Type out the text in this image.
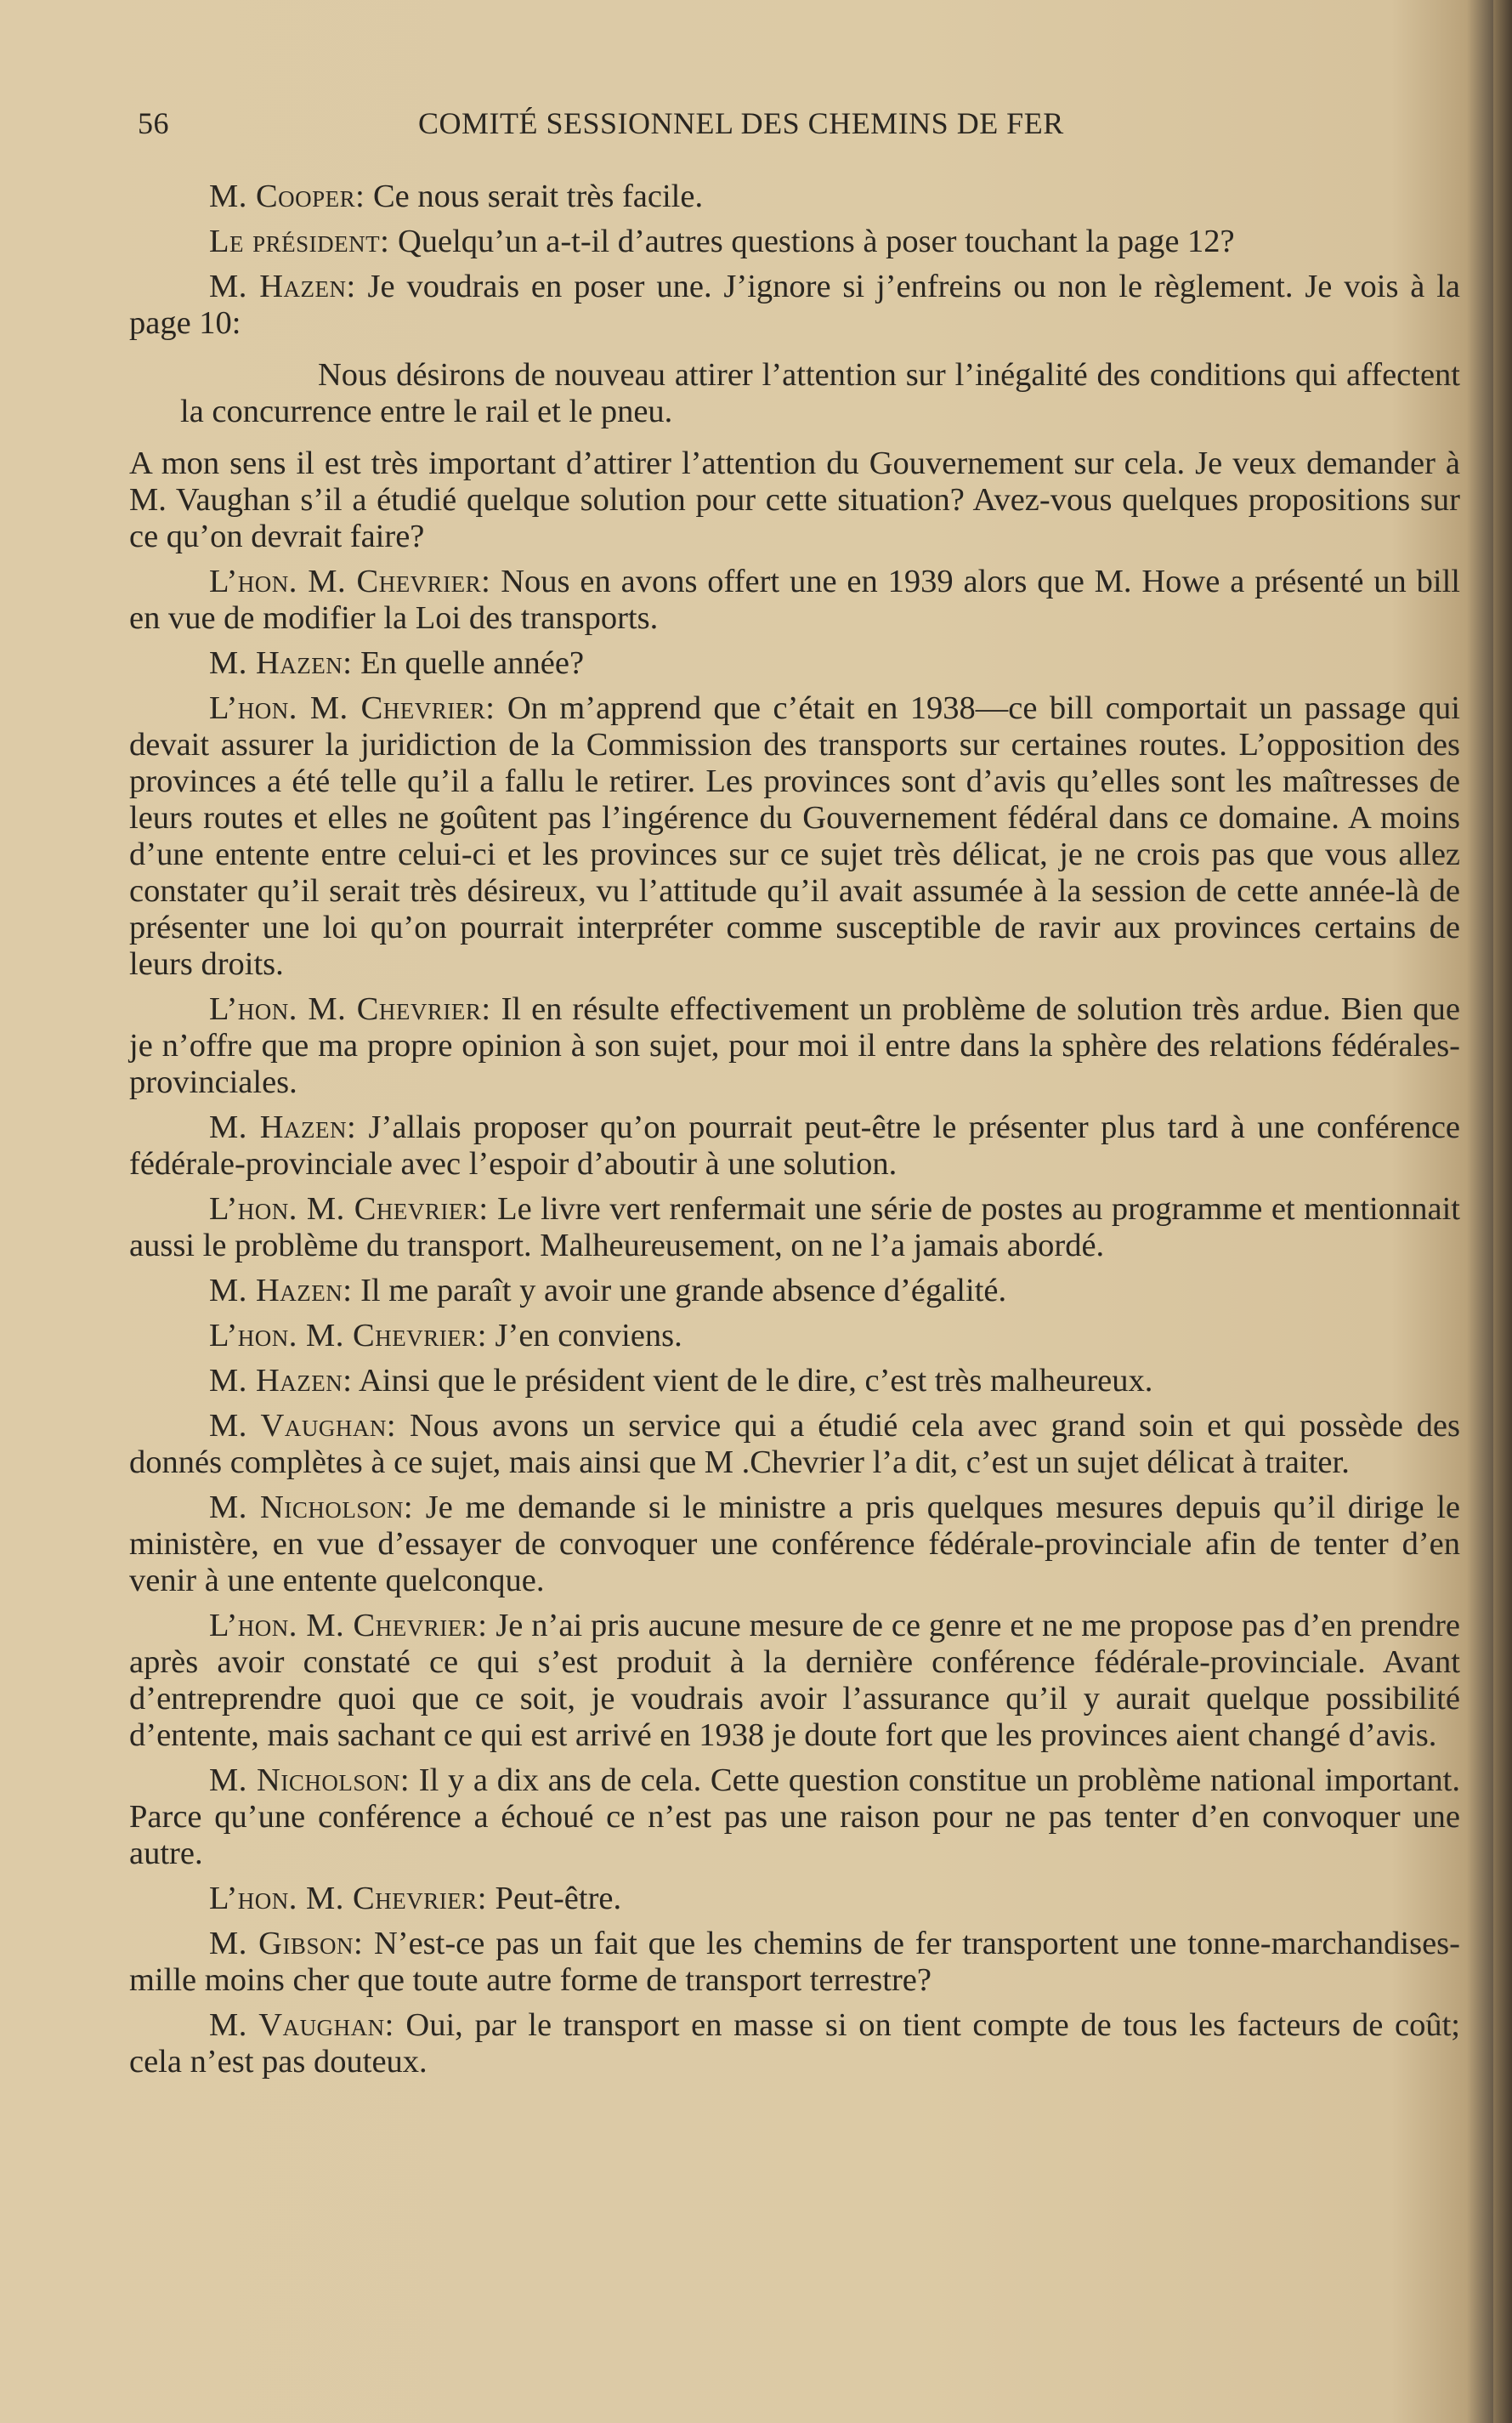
56	COMITÉ SESSIONNEL DES CHEMINS DE FER

M. Cooper: Ce nous serait très facile.

Le président: Quelqu’un a-t-il d’autres questions à poser touchant la page 12?

M. Hazen: Je voudrais en poser une. J’ignore si j’enfreins ou non le règlement. Je vois à la page 10:

Nous désirons de nouveau attirer l’attention sur l’inégalité des conditions qui affectent la concurrence entre le rail et le pneu.

A mon sens il est très important d’attirer l’attention du Gouvernement sur cela. Je veux demander à M. Vaughan s’il a étudié quelque solution pour cette situation? Avez-vous quelques propositions sur ce qu’on devrait faire?

L’hon. M. Chevrier: Nous en avons offert une en 1939 alors que M. Howe a présenté un bill en vue de modifier la Loi des transports.

M. Hazen: En quelle année?

L’hon. M. Chevrier: On m’apprend que c’était en 1938—ce bill comportait un passage qui devait assurer la juridiction de la Commission des transports sur certaines routes. L’opposition des provinces a été telle qu’il a fallu le retirer. Les provinces sont d’avis qu’elles sont les maîtresses de leurs routes et elles ne goûtent pas l’ingérence du Gouvernement fédéral dans ce domaine. A moins d’une entente entre celui-ci et les provinces sur ce sujet très délicat, je ne crois pas que vous allez constater qu’il serait très désireux, vu l’attitude qu’il avait assumée à la session de cette année-là de présenter une loi qu’on pourrait interpréter comme susceptible de ravir aux provinces certains de leurs droits.

L’hon. M. Chevrier: Il en résulte effectivement un problème de solution très ardue. Bien que je n’offre que ma propre opinion à son sujet, pour moi il entre dans la sphère des relations fédérales-provinciales.

M. Hazen: J’allais proposer qu’on pourrait peut-être le présenter plus tard à une conférence fédérale-provinciale avec l’espoir d’aboutir à une solution.

L’hon. M. Chevrier: Le livre vert renfermait une série de postes au programme et mentionnait aussi le problème du transport. Malheureusement, on ne l’a jamais abordé.

M. Hazen: Il me paraît y avoir une grande absence d’égalité.

L’hon. M. Chevrier: J’en conviens.

M. Hazen: Ainsi que le président vient de le dire, c’est très malheureux.

M. Vaughan: Nous avons un service qui a étudié cela avec grand soin et qui possède des donnés complètes à ce sujet, mais ainsi que M .Chevrier l’a dit, c’est un sujet délicat à traiter.

M. Nicholson: Je me demande si le ministre a pris quelques mesures depuis qu’il dirige le ministère, en vue d’essayer de convoquer une conférence fédérale-provinciale afin de tenter d’en venir à une entente quelconque.

L’hon. M. Chevrier: Je n’ai pris aucune mesure de ce genre et ne me propose pas d’en prendre après avoir constaté ce qui s’est produit à la dernière conférence fédérale-provinciale. Avant d’entreprendre quoi que ce soit, je voudrais avoir l’assurance qu’il y aurait quelque possibilité d’entente, mais sachant ce qui est arrivé en 1938 je doute fort que les provinces aient changé d’avis.

M. Nicholson: Il y a dix ans de cela. Cette question constitue un problème national important. Parce qu’une conférence a échoué ce n’est pas une raison pour ne pas tenter d’en convoquer une autre.

L’hon. M. Chevrier: Peut-être.

M. Gibson: N’est-ce pas un fait que les chemins de fer transportent une tonne-marchandises-mille moins cher que toute autre forme de transport terrestre?

M. Vaughan: Oui, par le transport en masse si on tient compte de tous les facteurs de coût; cela n’est pas douteux.
